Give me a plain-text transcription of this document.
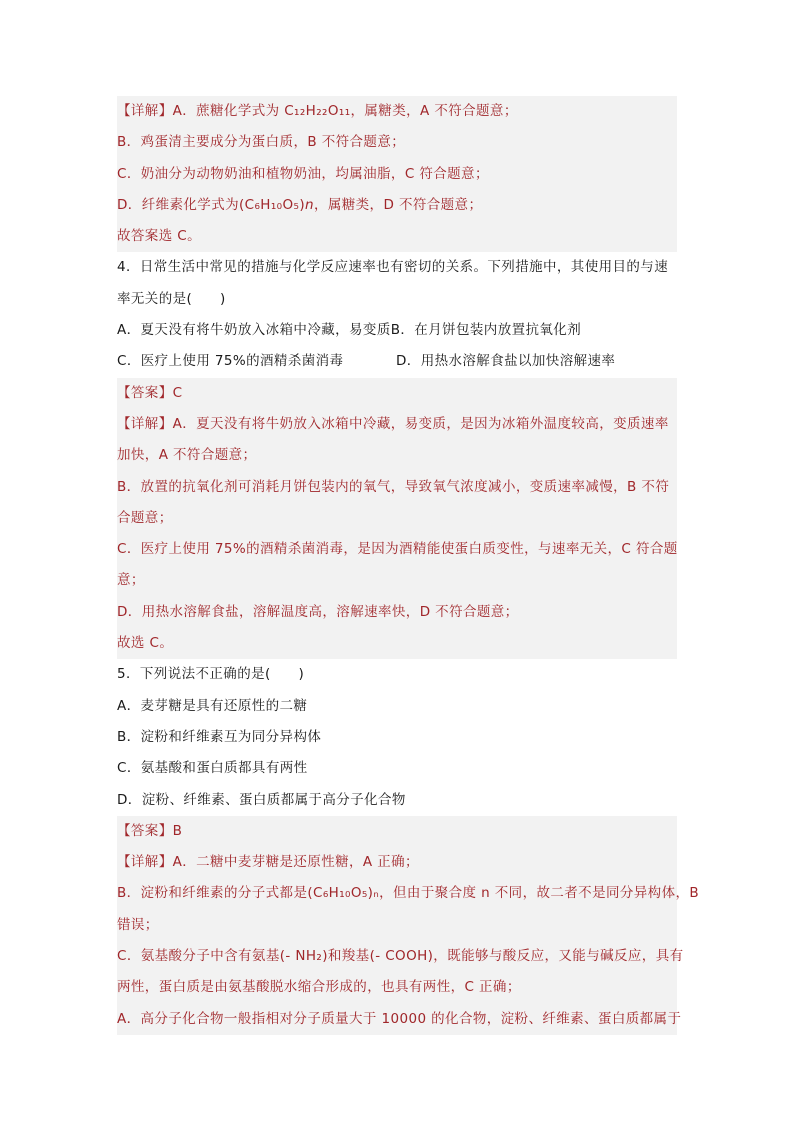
【详解】A．蔗糖化学式为 C₁₂H₂₂O₁₁，属糖类，A 不符合题意；
B．鸡蛋清主要成分为蛋白质，B 不符合题意；
C．奶油分为动物奶油和植物奶油，均属油脂，C 符合题意；
D．纤维素化学式为(C₆H₁₀O₅)n，属糖类，D 不符合题意；
故答案选 C。
4．日常生活中常见的措施与化学反应速率也有密切的关系。下列措施中，其使用目的与速
率无关的是(　　)
A．夏天没有将牛奶放入冰箱中冷藏，易变质B．在月饼包装内放置抗氧化剂
C．医疗上使用 75%的酒精杀菌消毒	D．用热水溶解食盐以加快溶解速率
【答案】C
【详解】A．夏天没有将牛奶放入冰箱中冷藏，易变质，是因为冰箱外温度较高，变质速率
加快，A 不符合题意；
B．放置的抗氧化剂可消耗月饼包装内的氧气，导致氧气浓度减小，变质速率减慢，B 不符
合题意；
C．医疗上使用 75%的酒精杀菌消毒，是因为酒精能使蛋白质变性，与速率无关，C 符合题
意；
D．用热水溶解食盐，溶解温度高，溶解速率快，D 不符合题意；
故选 C。
5．下列说法不正确的是(　　)
A．麦芽糖是具有还原性的二糖
B．淀粉和纤维素互为同分异构体
C．氨基酸和蛋白质都具有两性
D．淀粉、纤维素、蛋白质都属于高分子化合物
【答案】B
【详解】A．二糖中麦芽糖是还原性糖，A 正确；
B．淀粉和纤维素的分子式都是(C₆H₁₀O₅)ₙ，但由于聚合度 n 不同，故二者不是同分异构体，B
错误；
C．氨基酸分子中含有氨基(- NH₂)和羧基(- COOH)，既能够与酸反应，又能与碱反应，具有
两性，蛋白质是由氨基酸脱水缩合形成的，也具有两性，C 正确；
A．高分子化合物一般指相对分子质量大于 10000 的化合物，淀粉、纤维素、蛋白质都属于
